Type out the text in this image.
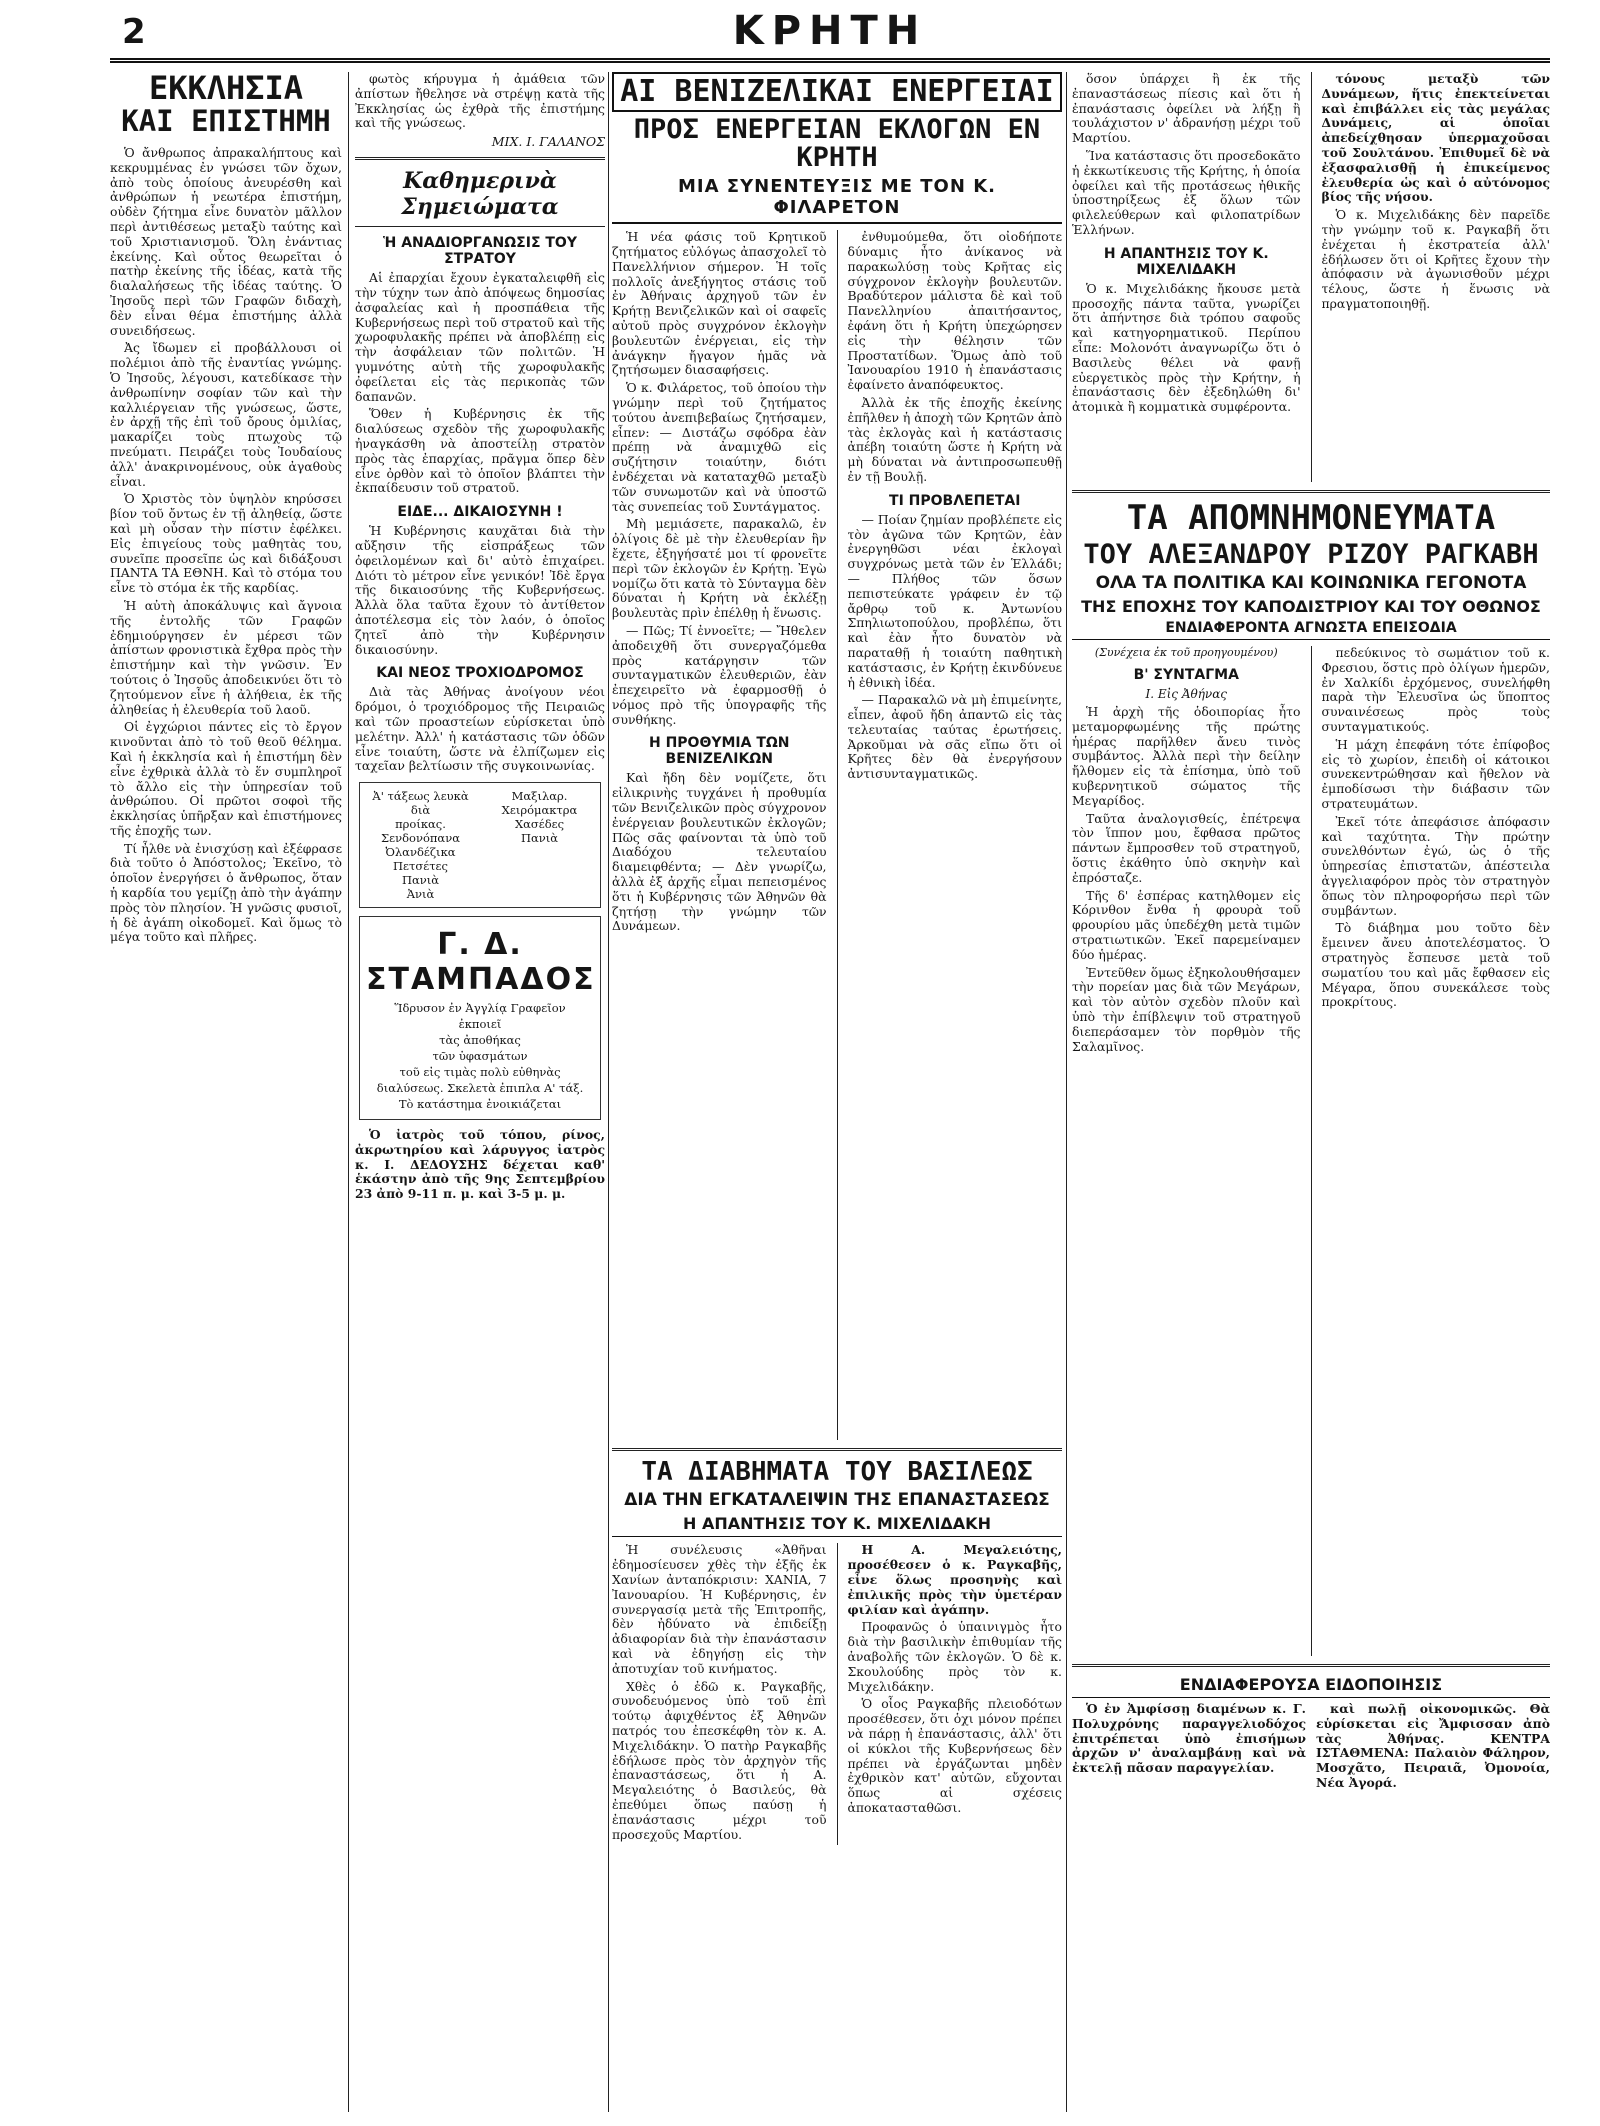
2	ΚΡΗΤΗ
ΕΚΚΛΗΣΙΑ
ΚΑΙ ΕΠΙΣΤΗΜΗ

Ὁ ἄνθρωπος ἀπρακαλήπτους καὶ κεκρυμμένας ἐν γνώσει τῶν ὄχων, ἀπὸ τοὺς ὁποίους ἀνευρέσθη καὶ ἀνθρώπων ἡ νεωτέρα ἐπιστήμη, οὐδὲν ζήτημα εἶνε δυνατὸν μᾶλλον περὶ ἀντιθέσεως μεταξὺ ταύτης καὶ τοῦ Χριστιανισμοῦ. Ὅλη ἐνάντιας ἐκείνης. Καὶ οὗτος θεωρεῖται ὁ πατὴρ ἐκείνης τῆς ἰδέας, κατὰ τῆς διαλαλήσεως τῆς ἰδέας ταύτης. Ὁ Ἰησοῦς περὶ τῶν Γραφῶν διδαχὴ, δὲν εἶναι θέμα ἐπιστήμης ἀλλὰ συνειδήσεως.

Ἀς ἴδωμεν εἰ προβάλλουσι οἱ πολέμιοι ἀπὸ τῆς ἐναντίας γνώμης. Ὁ Ἰησοῦς, λέγουσι, κατεδίκασε τὴν ἀνθρωπίνην σοφίαν τῶν καὶ τὴν καλλιέργειαν τῆς γνώσεως, ὥστε, ἐν ἀρχῇ τῆς ἐπὶ τοῦ ὄρους ὁμιλίας, μακαρίζει τοὺς πτωχοὺς τῷ πνεύματι. Πειράζει τοὺς Ἰουδαίους ἀλλ' ἀνακρινομένους, οὐκ ἀγαθοὺς εἶναι.

Ὁ Χριστὸς τὸν ὑψηλὸν κηρύσσει βίον τοῦ ὄντως ἐν τῇ ἀληθείᾳ, ὥστε καὶ μὴ οὖσαν τὴν πίστιν ἐφέλκει. Εἰς ἐπιγείους τοὺς μαθητὰς του, συνεῖπε προσεῖπε ὡς καὶ διδάξουσι ΠΑΝΤΑ ΤΑ ΕΘΝΗ. Καὶ τὸ στόμα του εἶνε τὸ στόμα ἐκ τῆς καρδίας.

Ἡ αὐτὴ ἀποκάλυψις καὶ ἄγνοια τῆς ἐντολῆς τῶν Γραφῶν ἐδημιούργησεν ἐν μέρεσι τῶν ἀπίστων φρονιστικὰ ἔχθρα πρὸς τὴν ἐπιστήμην καὶ τὴν γνῶσιν. Ἐν τούτοις ὁ Ἰησοῦς ἀποδεικνύει ὅτι τὸ ζητούμενον εἶνε ἡ ἀλήθεια, ἐκ τῆς ἀληθείας ἡ ἐλευθερία τοῦ λαοῦ.

Οἱ ἐγχώριοι πάντες εἰς τὸ ἔργον κινοῦνται ἀπὸ τὸ τοῦ θεοῦ θέλημα. Καὶ ἡ ἐκκλησία καὶ ἡ ἐπιστήμη δὲν εἶνε ἐχθρικὰ ἀλλὰ τὸ ἕν συμπληροῖ τὸ ἄλλο εἰς τὴν ὑπηρεσίαν τοῦ ἀνθρώπου. Οἱ πρῶτοι σοφοὶ τῆς ἐκκλησίας ὑπῆρξαν καὶ ἐπιστήμονες τῆς ἐποχῆς των.

Τί ἦλθε νὰ ἐνισχύσῃ καὶ ἐξέφρασε διὰ τοῦτο ὁ Ἀπόστολος; Ἐκεῖνο, τὸ ὁποῖον ἐνεργήσει ὁ ἄνθρωπος, ὅταν ἡ καρδία του γεμίζῃ ἀπὸ τὴν ἀγάπην πρὸς τὸν πλησίον. Ἡ γνῶσις φυσιοῖ, ἡ δὲ ἀγάπη οἰκοδομεῖ. Καὶ ὅμως τὸ μέγα τοῦτο καὶ πλῆρες.

φωτὸς κήρυγμα ἡ ἀμάθεια τῶν ἀπίστων ἤθελησε νὰ στρέψῃ κατὰ τῆς Ἐκκλησίας ὡς ἐχθρὰ τῆς ἐπιστήμης καὶ τῆς γνώσεως.

ΜΙΧ. Ι. ΓΑΛΑΝΟΣ
Καθημερινὰ
Σημειώματα
Ἡ ΑΝΑΔΙΟΡΓΑΝΩΣΙΣ ΤΟΥ ΣΤΡΑΤΟΥ

Αἱ ἐπαρχίαι ἔχουν ἐγκαταλειφθῆ εἰς τὴν τύχην των ἀπὸ ἀπόψεως δημοσίας ἀσφαλείας καὶ ἡ προσπάθεια τῆς Κυβερνήσεως περὶ τοῦ στρατοῦ καὶ τῆς χωροφυλακῆς πρέπει νὰ ἀποβλέπῃ εἰς τὴν ἀσφάλειαν τῶν πολιτῶν. Ἡ γυμνότης αὐτὴ τῆς χωροφυλακῆς ὀφείλεται εἰς τὰς περικοπὰς τῶν δαπανῶν.

Ὅθεν ἡ Κυβέρνησις ἐκ τῆς διαλύσεως σχεδὸν τῆς χωροφυλακῆς ἠναγκάσθη νὰ ἀποστείλῃ στρατὸν πρὸς τὰς ἐπαρχίας, πρᾶγμα ὅπερ δὲν εἶνε ὀρθὸν καὶ τὸ ὁποῖον βλάπτει τὴν ἐκπαίδευσιν τοῦ στρατοῦ.

ΕΙΔΕ... ΔΙΚΑΙΟΣΥΝΗ !

Ἡ Κυβέρνησις καυχᾶται διὰ τὴν αὔξησιν τῆς εἰσπράξεως τῶν ὀφειλομένων καὶ δι' αὐτὸ ἐπιχαίρει. Διότι τὸ μέτρον εἶνε γενικόν! Ἰδὲ ἔργα τῆς δικαιοσύνης τῆς Κυβερνήσεως. Ἀλλὰ ὅλα ταῦτα ἔχουν τὸ ἀντίθετον ἀποτέλεσμα εἰς τὸν λαόν, ὁ ὁποῖος ζητεῖ ἀπὸ τὴν Κυβέρνησιν δικαιοσύνην.

ΚΑΙ ΝΕΟΣ ΤΡΟΧΙΟΔΡΟΜΟΣ

Διὰ τὰς Ἀθήνας ἀνοίγουν νέοι δρόμοι, ὁ τροχιόδρομος τῆς Πειραιῶς καὶ τῶν προαστείων εὑρίσκεται ὑπὸ μελέτην. Ἀλλ' ἡ κατάστασις τῶν ὁδῶν εἶνε τοιαύτη, ὥστε νὰ ἐλπίζωμεν εἰς ταχεῖαν βελτίωσιν τῆς συγκοινωνίας.

Ἀ' τάξεως λευκὰ διὰ
προίκας. Σενδονόπανα
Ὀλανδέζικα
Πετσέτες
Πανιὰ
Ἀνιὰ
Μαξιλαρ.
Χειρόμακτρα
Χασέδες
Πανιὰ
Γ. Δ. ΣΤΑΜΠΑΔΟΣ
Ἵδρυσον ἐν Ἀγγλίᾳ Γραφεῖον
ἐκποιεῖ
τὰς ἀποθήκας
τῶν ὑφασμάτων
τοῦ εἰς τιμὰς πολὺ εὐθηνὰς
διαλύσεως. Σκελετὰ ἐπιπλα Α' τάξ.
Τὸ κατάστημα ἐνοικιάζεται

Ὁ ἰατρὸς τοῦ τόπου, ρίνος, ἀκρωτηρίου καὶ λάρυγγος ἰατρὸς κ. Ι. ΔΕΔΟΥΣΗΣ δέχεται καθ' ἑκάστην ἀπὸ τῆς 9ης Σεπτεμβρίου 23 ἀπὸ 9-11 π. μ. καὶ 3-5 μ. μ.

ΑΙ ΒΕΝΙΖΕΛΙΚΑΙ ΕΝΕΡΓΕΙΑΙ
ΠΡΟΣ ΕΝΕΡΓΕΙΑΝ ΕΚΛΟΓΩΝ ΕΝ ΚΡΗΤΗ
ΜΙΑ ΣΥΝΕΝΤΕΥΞΙΣ ΜΕ ΤΟΝ Κ. ΦΙΛΑΡΕΤΟΝ

Ἡ νέα φάσις τοῦ Κρητικοῦ ζητήματος εὐλόγως ἀπασχολεῖ τὸ Πανελλήνιον σήμερον. Ἡ τοῖς πολλοῖς ἀνεξήγητος στάσις τοῦ ἐν Ἀθήναις ἀρχηγοῦ τῶν ἐν Κρήτῃ Βενιζελικῶν καὶ οἱ σαφεῖς αὐτοῦ πρὸς συγχρόνον ἐκλογὴν βουλευτῶν ἐνέργειαι, εἰς τὴν ἀνάγκην ἤγαγον ἡμᾶς νὰ ζητήσωμεν διασαφήσεις.

Ὁ κ. Φιλάρετος, τοῦ ὁποίου τὴν γνώμην περὶ τοῦ ζητήματος τούτου ἀνεπιβεβαίως ζητήσαμεν, εἶπεν: — Διστάζω σφόδρα ἐὰν πρέπῃ νὰ ἀναμιχθῶ εἰς συζήτησιν τοιαύτην, διότι ἐνδέχεται νὰ καταταχθῶ μεταξὺ τῶν συνωμοτῶν καὶ νὰ ὑποστῶ τὰς συνεπείας τοῦ Συντάγματος.

Μὴ μεμιάσετε, παρακαλῶ, ἐν ὀλίγοις δὲ μὲ τὴν ἐλευθερίαν ἣν ἔχετε, ἐξηγήσατέ μοι τί φρονεῖτε περὶ τῶν ἐκλογῶν ἐν Κρήτῃ. Ἐγὼ νομίζω ὅτι κατὰ τὸ Σύνταγμα δὲν δύναται ἡ Κρήτη νὰ ἐκλέξῃ βουλευτὰς πρὶν ἐπέλθῃ ἡ ἕνωσις.

— Πῶς; Τί ἐννοεῖτε; — Ἤθελεν ἀποδειχθῆ ὅτι συνεργαζόμεθα πρὸς κατάργησιν τῶν συνταγματικῶν ἐλευθεριῶν, ἐὰν ἐπεχειρεῖτο νὰ ἐφαρμοσθῇ ὁ νόμος πρὸ τῆς ὑπογραφῆς τῆς συνθήκης.

Η ΠΡΟΘΥΜΙΑ ΤΩΝ ΒΕΝΙΖΕΛΙΚΩΝ

Καὶ ἤδη δὲν νομίζετε, ὅτι εἰλικρινὴς τυγχάνει ἡ προθυμία τῶν Βενιζελικῶν πρὸς σύγχρονον ἐνέργειαν βουλευτικῶν ἐκλογῶν; Πῶς σᾶς φαίνονται τὰ ὑπὸ τοῦ Διαδόχου τελευταίου διαμειφθέντα; — Δὲν γνωρίζω, ἀλλὰ ἐξ ἀρχῆς εἶμαι πεπεισμένος ὅτι ἡ Κυβέρνησις τῶν Ἀθηνῶν θὰ ζητήσῃ τὴν γνώμην τῶν Δυνάμεων.

ἐνθυμούμεθα, ὅτι οἰοδήποτε δύναμις ἦτο ἀνίκανος νὰ παρακωλύσῃ τοὺς Κρῆτας εἰς σύγχρονον ἐκλογὴν βουλευτῶν. Βραδύτερον μάλιστα δὲ καὶ τοῦ Πανελληνίου ἀπαιτήσαντος, ἐφάνη ὅτι ἡ Κρήτη ὑπεχώρησεν εἰς τὴν θέλησιν τῶν Προστατίδων. Ὅμως ἀπὸ τοῦ Ἰανουαρίου 1910 ἡ ἐπανάστασις ἐφαίνετο ἀναπόφευκτος.

Ἀλλὰ ἐκ τῆς ἐποχῆς ἐκείνης ἐπῆλθεν ἡ ἀποχὴ τῶν Κρητῶν ἀπὸ τὰς ἐκλογὰς καὶ ἡ κατάστασις ἀπέβη τοιαύτη ὥστε ἡ Κρήτη νὰ μὴ δύναται νὰ ἀντιπροσωπευθῇ ἐν τῇ Βουλῇ.

ΤΙ ΠΡΟΒΛΕΠΕΤΑΙ

— Ποίαν ζημίαν προβλέπετε εἰς τὸν ἀγῶνα τῶν Κρητῶν, ἐὰν ἐνεργηθῶσι νέαι ἐκλογαὶ συγχρόνως μετὰ τῶν ἐν Ἑλλάδι; — Πλήθος τῶν ὅσων πεπιστεύκατε γράφειν ἐν τῷ ἄρθρῳ τοῦ κ. Ἀντωνίου Σπηλιωτοπούλου, προβλέπω, ὅτι καὶ ἐὰν ἦτο δυνατὸν νὰ παραταθῇ ἡ τοιαύτη παθητικὴ κατάστασις, ἐν Κρήτῃ ἐκινδύνευε ἡ ἐθνικὴ ἰδέα.

— Παρακαλῶ νὰ μὴ ἐπιμείνητε, εἶπεν, ἀφοῦ ἤδη ἀπαντῶ εἰς τὰς τελευταίας ταύτας ἐρωτήσεις. Ἀρκοῦμαι νὰ σᾶς εἴπω ὅτι οἱ Κρῆτες δὲν θὰ ἐνεργήσουν ἀντισυνταγματικῶς.

ΤΑ ΔΙΑΒΗΜΑΤΑ ΤΟΥ ΒΑΣΙΛΕΩΣ
ΔΙΑ ΤΗΝ ΕΓΚΑΤΑΛΕΙΨΙΝ ΤΗΣ ΕΠΑΝΑΣΤΑΣΕΩΣ
Η ΑΠΑΝΤΗΣΙΣ ΤΟΥ Κ. ΜΙΧΕΛΙΔΑΚΗ

Ἡ συνέλευσις «Ἀθῆναι ἐδημοσίευσεν χθὲς τὴν ἑξῆς ἐκ Χανίων ἀνταπόκρισιν: ΧΑΝΙΑ, 7 Ἰανουαρίου. Ἡ Κυβέρνησις, ἐν συνεργασίᾳ μετὰ τῆς Ἐπιτροπῆς, δὲν ἠδύνατο νὰ ἐπιδείξῃ ἀδιαφορίαν διὰ τὴν ἐπανάστασιν καὶ νὰ ἐδηγήσῃ εἰς τὴν ἀποτυχίαν τοῦ κινήματος.

Χθὲς ὁ ἐδῶ κ. Ραγκαβῆς, συνοδευόμενος ὑπὸ τοῦ ἐπὶ τούτῳ ἀφιχθέντος ἐξ Ἀθηνῶν πατρός του ἐπεσκέφθη τὸν κ. Α. Μιχελιδάκην. Ὁ πατὴρ Ραγκαβῆς ἐδήλωσε πρὸς τὸν ἀρχηγὸν τῆς ἐπαναστάσεως, ὅτι ἡ Α. Μεγαλειότης ὁ Βασιλεύς, θὰ ἐπεθύμει ὅπως παύσῃ ἡ ἐπανάστασις μέχρι τοῦ προσεχοῦς Μαρτίου.

Η Α. Μεγαλειότης, προσέθεσεν ὁ κ. Ραγκαβῆς, εἶνε ὅλως προσηνὴς καὶ ἐπιλικῆς πρὸς τὴν ὑμετέραν φιλίαν καὶ ἀγάπην.

Προφανῶς ὁ ὑπαινιγμὸς ἦτο διὰ τὴν βασιλικὴν ἐπιθυμίαν τῆς ἀναβολῆς τῶν ἐκλογῶν. Ὁ δὲ κ. Σκουλούδης πρὸς τὸν κ. Μιχελιδάκην.

Ὁ οἶος Ραγκαβῆς πλειοδότων προσέθεσεν, ὅτι ὁχι μόνον πρέπει νὰ πάρῃ ἡ ἐπανάστασις, ἀλλ' ὅτι οἱ κύκλοι τῆς Κυβερνήσεως δὲν πρέπει νὰ ἐργάζωνται μηδὲν ἐχθρικὸν κατ' αὐτῶν, εὔχονται ὅπως αἱ σχέσεις ἀποκατασταθῶσι.

ὅσον ὑπάρχει ἢ ἐκ τῆς ἐπαναστάσεως πίεσις καὶ ὅτι ἡ ἐπανάστασις ὀφείλει νὰ λήξῃ ἢ τουλάχιστον ν' ἀδρανήσῃ μέχρι τοῦ Μαρτίου.

Ἵνα κατάστασις ὅτι προσεδοκᾶτο ἡ ἐκκωτίκευσις τῆς Κρήτης, ἡ ὁποία ὀφείλει καὶ τῆς προτάσεως ἠθικῆς ὑποστηρίξεως ἐξ ὅλων τῶν φιλελεύθερων καὶ φιλοπατρίδων Ἑλλήνων.

Η ΑΠΑΝΤΗΣΙΣ ΤΟΥ Κ. ΜΙΧΕΛΙΔΑΚΗ

Ὁ κ. Μιχελιδάκης ἤκουσε μετὰ προσοχῆς πάντα ταῦτα, γνωρίζει ὅτι ἀπήντησε διὰ τρόπου σαφοῦς καὶ κατηγορηματικοῦ. Περίπου εἶπε: Μολονότι ἀναγνωρίζω ὅτι ὁ Βασιλεὺς θέλει νὰ φανῇ εὐεργετικὸς πρὸς τὴν Κρήτην, ἡ ἐπανάστασις δὲν ἐξεδηλώθη δι' ἀτομικὰ ἢ κομματικὰ συμφέροντα.

τόνους μεταξὺ τῶν Δυνάμεων, ἥτις ἐπεκτείνεται καὶ ἐπιβάλλει εἰς τὰς μεγάλας Δυνάμεις, αἱ ὁποῖαι ἀπεδείχθησαν ὑπερμαχοῦσαι τοῦ Σουλτάνου. Ἐπιθυμεῖ δὲ νὰ ἐξασφαλισθῇ ἡ ἐπικείμενος ἐλευθερία ὡς καὶ ὁ αὐτόνομος βίος τῆς νήσου.

Ὁ κ. Μιχελιδάκης δὲν παρεῖδε τὴν γνώμην τοῦ κ. Ραγκαβῆ ὅτι ἐνέχεται ἡ ἐκστρατεία ἀλλ' ἐδήλωσεν ὅτι οἱ Κρῆτες ἔχουν τὴν ἀπόφασιν νὰ ἀγωνισθοῦν μέχρι τέλους, ὥστε ἡ ἕνωσις νὰ πραγματοποιηθῇ.

ΤΑ ΑΠΟΜΝΗΜΟΝΕΥΜΑΤΑ
ΤΟΥ ΑΛΕΞΑΝΔΡΟΥ ΡΙΖΟΥ ΡΑΓΚΑΒΗ
ΟΛΑ ΤΑ ΠΟΛΙΤΙΚΑ ΚΑΙ ΚΟΙΝΩΝΙΚΑ ΓΕΓΟΝΟΤΑ
ΤΗΣ ΕΠΟΧΗΣ ΤΟΥ ΚΑΠΟΔΙΣΤΡΙΟΥ ΚΑΙ ΤΟΥ ΟΘΩΝΟΣ
ΕΝΔΙΑΦΕΡΟΝΤΑ ΑΓΝΩΣΤΑ ΕΠΕΙΣΟΔΙΑ
(Συνέχεια ἐκ τοῦ προηγουμένου)
Β' ΣΥΝΤΑΓΜΑ
Ι. Εἰς Ἀθήνας

Ἡ ἀρχὴ τῆς ὁδοιπορίας ἦτο μεταμορφωμένης τῆς πρώτης ἡμέρας παρῆλθεν ἄνευ τινὸς συμβάντος. Ἀλλὰ περὶ τὴν δείλην ἤλθομεν εἰς τὰ ἐπίσημα, ὑπὸ τοῦ κυβερνητικοῦ σώματος τῆς Μεγαρίδος.

Ταῦτα ἀναλογισθείς, ἐπέτρεψα τὸν ἵππον μου, ἔφθασα πρῶτος πάντων ἔμπροσθεν τοῦ στρατηγοῦ, ὅστις ἐκάθητο ὑπὸ σκηνὴν καὶ ἐπρόσταζε.

Τῆς δ' ἑσπέρας κατηλθομεν εἰς Κόρινθον ἔνθα ἡ φρουρὰ τοῦ φρουρίου μᾶς ὑπεδέχθη μετὰ τιμῶν στρατιωτικῶν. Ἐκεῖ παρεμείναμεν δύο ἡμέρας.

Ἐντεῦθεν ὅμως ἐξηκολουθήσαμεν τὴν πορείαν μας διὰ τῶν Μεγάρων, καὶ τὸν αὐτὸν σχεδὸν πλοῦν καὶ ὑπὸ τὴν ἐπίβλεψιν τοῦ στρατηγοῦ διεπεράσαμεν τὸν πορθμὸν τῆς Σαλαμῖνος.

πεδεύκινος τὸ σωμάτιον τοῦ κ. Φρεσιου, ὅστις πρὸ ὀλίγων ἡμερῶν, ἐν Χαλκίδι ἐρχόμενος, συνελήφθη παρὰ τὴν Ἐλευσῖνα ὡς ὕποπτος συναινέσεως πρὸς τοὺς συνταγματικούς.

Ἡ μάχη ἐπεφάνη τότε ἐπίφοβος εἰς τὸ χωρίον, ἐπειδὴ οἱ κάτοικοι συνεκεντρώθησαν καὶ ἤθελον νὰ ἐμποδίσωσι τὴν διάβασιν τῶν στρατευμάτων.

Ἐκεῖ τότε ἀπεφάσισε ἀπόφασιν καὶ ταχύτητα. Τὴν πρώτην συνελθόντων ἐγώ, ὡς ὁ τῆς ὑπηρεσίας ἐπιστατῶν, ἀπέστειλα ἀγγελιαφόρον πρὸς τὸν στρατηγὸν ὅπως τὸν πληροφορήσω περὶ τῶν συμβάντων.

Τὸ διάβημα μου τοῦτο δὲν ἔμεινεν ἄνευ ἀποτελέσματος. Ὁ στρατηγὸς ἔσπευσε μετὰ τοῦ σωματίου του καὶ μᾶς ἔφθασεν εἰς Μέγαρα, ὅπου συνεκάλεσε τοὺς προκρίτους.

ΕΝΔΙΑΦΕΡΟΥΣΑ ΕΙΔΟΠΟΙΗΣΙΣ

Ὁ ἐν Ἀμφίσσῃ διαμένων κ. Γ. Πολυχρόνης παραγγελιοδόχος ἐπιτρέπεται ὑπὸ ἐπισήμων ἀρχῶν ν' ἀναλαμβάνῃ καὶ νὰ ἐκτελῇ πᾶσαν παραγγελίαν.

καὶ πωλῇ οἰκονομικῶς. Θὰ εὑρίσκεται εἰς Ἄμφισσαν ἀπὸ τὰς Ἀθήνας. ΚΕΝΤΡΑ ΙΣΤΑΘΜΕΝΑ: Παλαιὸν Φάληρον, Μοσχᾶτο, Πειραιᾶ, Ὀμονοία, Νέα Ἀγορά.
